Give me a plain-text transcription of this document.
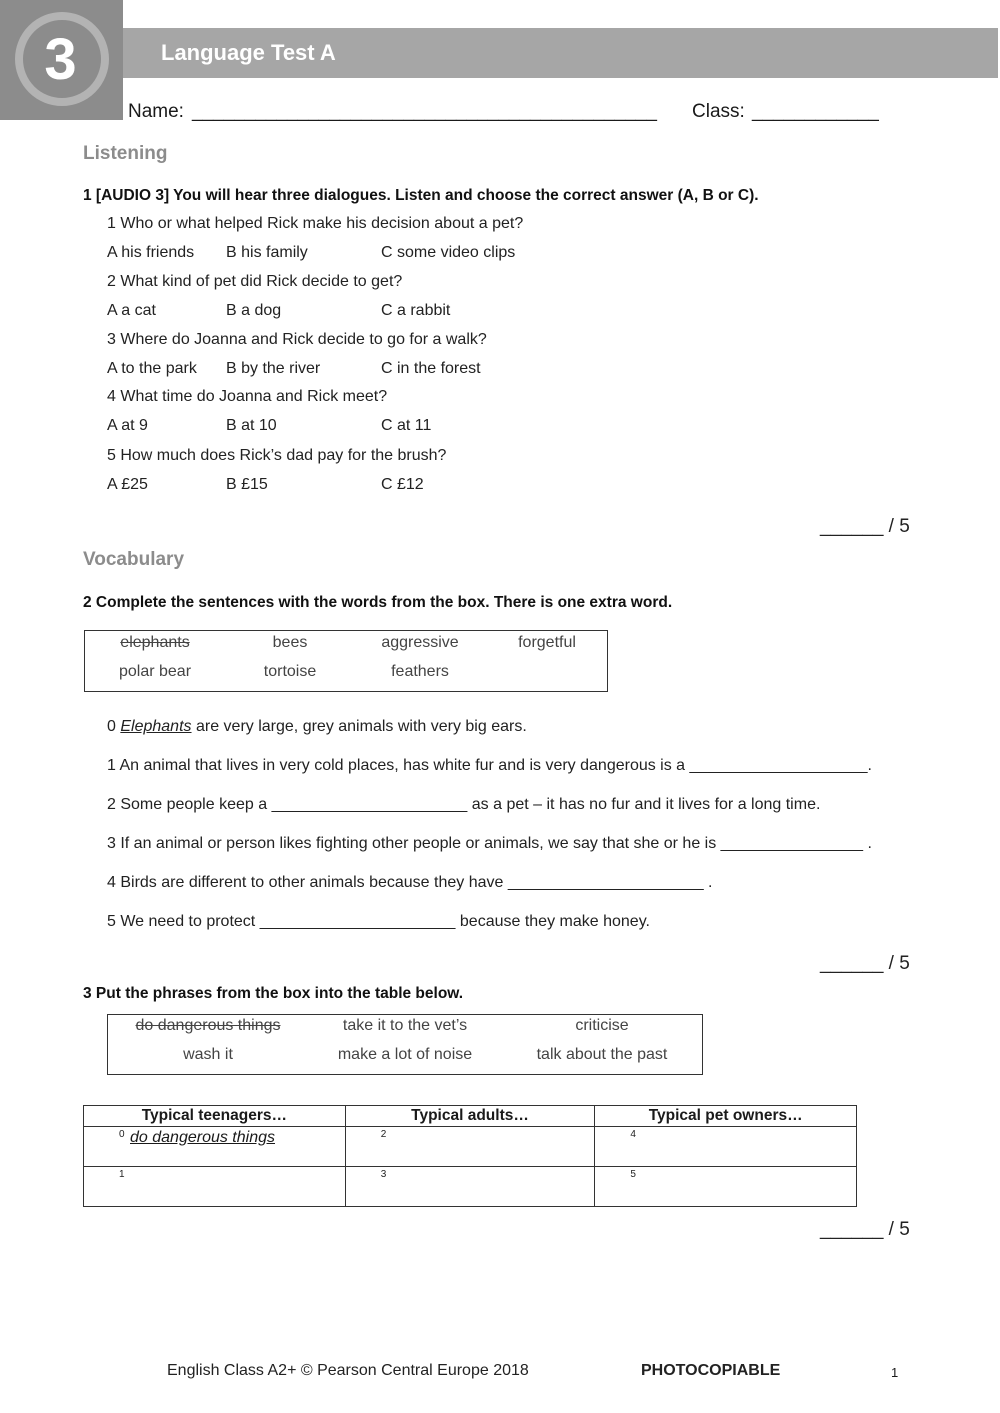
3	Language Test A
Name: ____________________________________________ Class: ____________
Listening
1 [AUDIO 3] You will hear three dialogues. Listen and choose the correct answer (A, B or C).
1 Who or what helped Rick make his decision about a pet?
A his friends B his family	C some video clips
2 What kind of pet did Rick decide to get?
A a cat	B a dog	C a rabbit
3 Where do Joanna and Rick decide to go for a walk?
A to the park B by the river	C in the forest
4 What time do Joanna and Rick meet?
A at 9	B at 10	C at 11
5 How much does Rick’s dad pay for the brush?
A £25	B £15	C £12
______ / 5
Vocabulary
2 Complete the sentences with the words from the box. There is one extra word.
elephants	bees	aggressive	forgetful
polar bear	tortoise	feathers
0 Elephants are very large, grey animals with very big ears.
1 An animal that lives in very cold places, has white fur and is very dangerous is a ____________________.
2 Some people keep a ______________________ as a pet – it has no fur and it lives for a long time.
3 If an animal or person likes fighting other people or animals, we say that she or he is ________________ .
4 Birds are different to other animals because they have ______________________ .
5 We need to protect ______________________ because they make honey.
______ / 5
3 Put the phrases from the box into the table below.
do dangerous things	take it to the vet’s	criticise
wash it	make a lot of noise	talk about the past
Typical teenagers…	Typical adults…	Typical pet owners…

0 do dangerous things	2	4

1	3	5
______ / 5
English Class A2+ © Pearson Central Europe 2018	PHOTOCOPIABLE	1
